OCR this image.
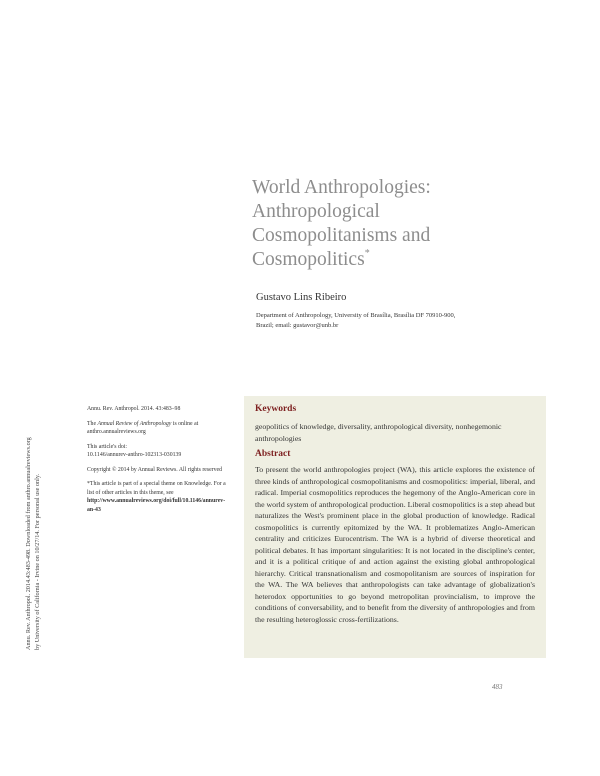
Annu. Rev. Anthropol. 2014.43:483-498. Downloaded from anthro.annualreviews.org by University of California - Irvine on 10/27/14. For personal use only.
World Anthropologies:
Anthropological
Cosmopolitanisms and
Cosmopolitics*
Gustavo Lins Ribeiro
Department of Anthropology, University of Brasília, Brasília DF 70910-900,
Brazil; email: gustavor@unb.br

Annu. Rev. Anthropol. 2014. 43:483–98

The Annual Review of Anthropology is online at anthro.annualreviews.org

This article's doi:
10.1146/annurev-anthro-102313-030139

Copyright © 2014 by Annual Reviews. All rights reserved

*This article is part of a special theme on Knowledge. For a list of other articles in this theme, see http://www.annualreviews.org/doi/full/10.1146/annurev-an-43

Keywords
geopolitics of knowledge, diversality, anthropological diversity, nonhegemonic anthropologies
Abstract
To present the world anthropologies project (WA), this article explores the existence of three kinds of anthropological cosmopolitanisms and cosmopolitics: imperial, liberal, and radical. Imperial cosmopolitics reproduces the hegemony of the Anglo-American core in the world system of anthropological production. Liberal cosmopolitics is a step ahead but naturalizes the West's prominent place in the global production of knowledge. Radical cosmopolitics is currently epitomized by the WA. It problematizes Anglo-American centrality and criticizes Eurocentrism. The WA is a hybrid of diverse theoretical and political debates. It has important singularities: It is not located in the discipline's center, and it is a political critique of and action against the existing global anthropological hierarchy. Critical transnationalism and cosmopolitanism are sources of inspiration for the WA. The WA believes that anthropologists can take advantage of globalization's heterodox opportunities to go beyond metropolitan provincialism, to improve the conditions of conversability, and to benefit from the diversity of anthropologies and from the resulting heteroglossic cross-fertilizations.
483
